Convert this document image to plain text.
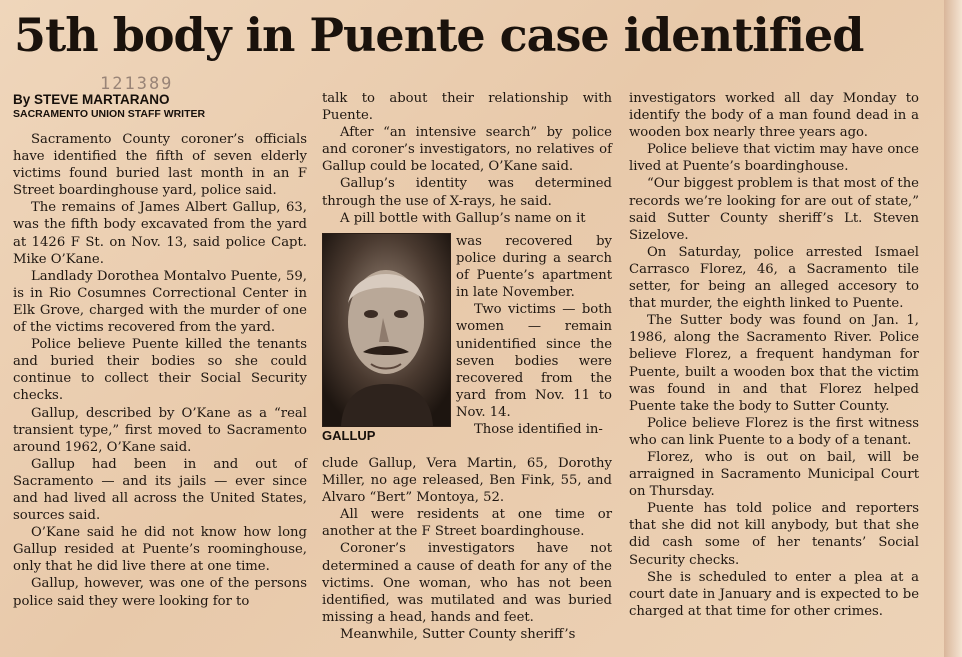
5th body in Puente case identified
121389
By STEVE MARTARANO
SACRAMENTO UNION STAFF WRITER

Sacramento County coroner’s officials have identified the fifth of seven elderly victims found buried last month in an F Street boardinghouse yard, police said.

The remains of James Albert Gallup, 63, was the fifth body excavated from the yard at 1426 F St. on Nov. 13, said police Capt. Mike O’Kane.

Landlady Dorothea Montalvo Puente, 59, is in Rio Cosumnes Correctional Center in Elk Grove, charged with the murder of one of the victims recovered from the yard.

Police believe Puente killed the tenants and buried their bodies so she could continue to collect their Social Security checks.

Gallup, described by O’Kane as a “real transient type,” first moved to Sacramento around 1962, O’Kane said.

Gallup had been in and out of Sacramento — and its jails — ever since and had lived all across the United States, sources said.

O’Kane said he did not know how long Gallup resided at Puente’s roominghouse, only that he did live there at one time.

Gallup, however, was one of the persons police said they were looking for to

talk to about their relationship with Puente.

After “an intensive search” by police and coroner’s investigators, no relatives of Gallup could be located, O’Kane said.

Gallup’s identity was determined through the use of X-rays, he said.

A pill bottle with Gallup’s name on it

GALLUP

was recovered by police during a search of Puente’s apartment in late November.

Two victims — both women — remain unidentified since the seven bodies were recovered from the yard from Nov. 11 to Nov. 14.

Those identified in-

clude Gallup, Vera Martin, 65, Dorothy Miller, no age released, Ben Fink, 55, and Alvaro “Bert” Montoya, 52.

All were residents at one time or another at the F Street boardinghouse.

Coroner’s investigators have not determined a cause of death for any of the victims. One woman, who has not been identified, was mutilated and was buried missing a head, hands and feet.

Meanwhile, Sutter County sheriff’s

investigators worked all day Monday to identify the body of a man found dead in a wooden box nearly three years ago.

Police believe that victim may have once lived at Puente’s boardinghouse.

“Our biggest problem is that most of the records we’re looking for are out of state,” said Sutter County sheriff’s Lt. Steven Sizelove.

On Saturday, police arrested Ismael Carrasco Florez, 46, a Sacramento tile setter, for being an alleged accesory to that murder, the eighth linked to Puente.

The Sutter body was found on Jan. 1, 1986, along the Sacramento River. Police believe Florez, a frequent handyman for Puente, built a wooden box that the victim was found in and that Florez helped Puente take the body to Sutter County.

Police believe Florez is the first witness who can link Puente to a body of a tenant.

Florez, who is out on bail, will be arraigned in Sacramento Municipal Court on Thursday.

Puente has told police and reporters that she did not kill anybody, but that she did cash some of her tenants’ Social Security checks.

She is scheduled to enter a plea at a court date in January and is expected to be charged at that time for other crimes.
